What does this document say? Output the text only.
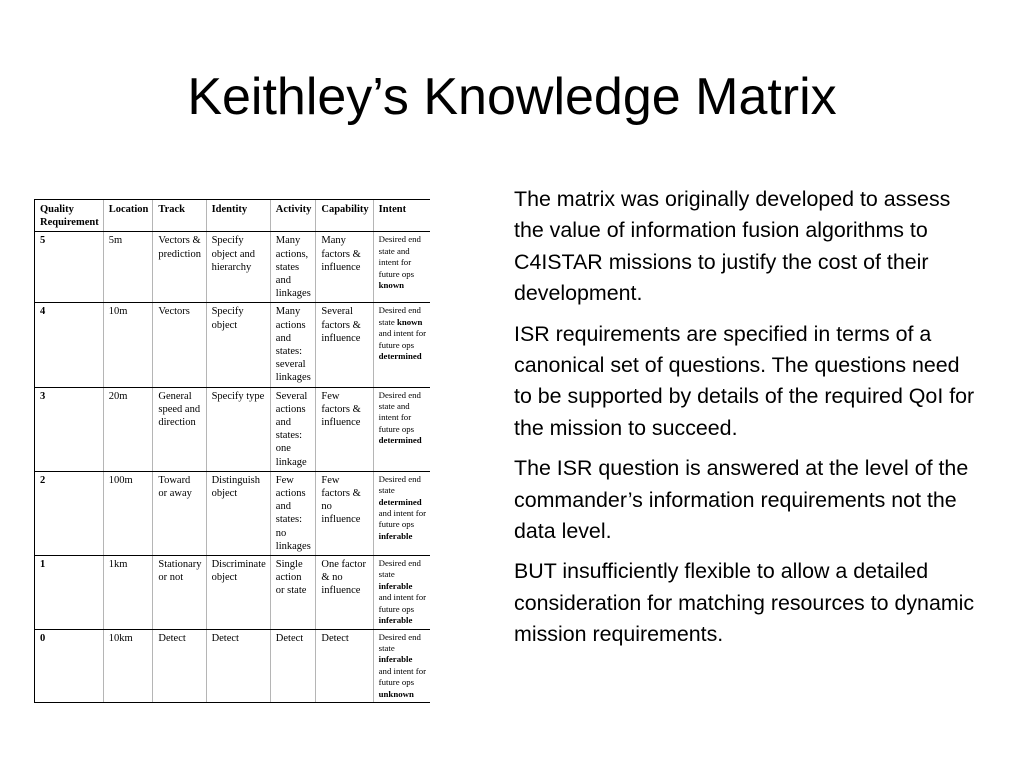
Keithley’s Knowledge Matrix
Quality Requirement	Location	Track	Identity	Activity	Capability	Intent
5	5m	Vectors & prediction	Specify object and hierarchy	Many actions, states and linkages	Many factors & influence	Desired end state and intent for future ops known
4	10m	Vectors	Specify object	Many actions and states: several linkages	Several factors & influence	Desired end state known and intent for future ops determined
3	20m	General speed and direction	Specify type	Several actions and states: one linkage	Few factors & influence	Desired end state and intent for future ops determined
2	100m	Toward or away	Distinguish object	Few actions and states: no linkages	Few factors & no influence	Desired end state determined and intent for future ops inferable
1	1km	Stationary or not	Discriminate object	Single action or state	One factor & no influence	Desired end state inferable and intent for future ops inferable
0	10km	Detect	Detect	Detect	Detect	Desired end state inferable and intent for future ops unknown

The matrix was originally developed to assess the value of information fusion algorithms to C4ISTAR missions to justify the cost of their development.

ISR requirements are specified in terms of a canonical set of questions. The questions need to be supported by details of the required QoI for the mission to succeed.

The ISR question is answered at the level of the commander’s information requirements not the data level.

BUT insufficiently flexible to allow a detailed consideration for matching resources to dynamic mission requirements.
